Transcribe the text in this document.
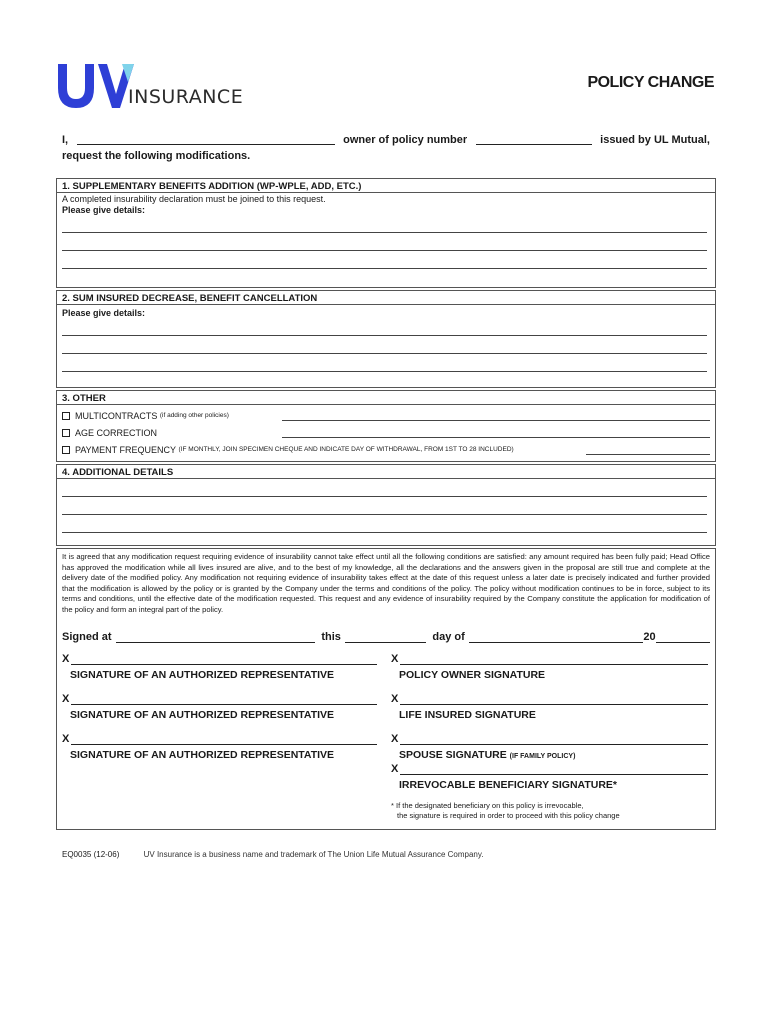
INSURANCE
POLICY CHANGE
I,	owner of policy number	issued by UL Mutual,
request the following modifications.
1. SUPPLEMENTARY BENEFITS ADDITION (WP-WPLE, ADD, ETC.)
A completed insurability declaration must be joined to this request.
Please give details:
2. SUM INSURED DECREASE, BENEFIT CANCELLATION
Please give details:
3. OTHER
MULTICONTRACTS
(if adding other policies)
AGE CORRECTION
PAYMENT FREQUENCY
(IF MONTHLY, JOIN SPECIMEN CHEQUE AND INDICATE DAY OF WITHDRAWAL, FROM 1ST TO 28 INCLUDED)
4. ADDITIONAL DETAILS
It is agreed that any modification request requiring evidence of insurability cannot take effect until all the following conditions are satisfied: any amount required has been fully paid; Head Office has approved the modification while all lives insured are alive, and to the best of my knowledge, all the declarations and the answers given in the proposal are still true and complete at the delivery date of the modified policy. Any modification not requiring evidence of insurability takes effect at the date of this request unless a later date is precisely indicated and further provided that the modification is allowed by the policy or is granted by the Company under the terms and conditions of the policy. The policy without modification continues to be in force, subject to its terms and conditions, until the effective date of the modification requested. This request and any evidence of insurability required by the Company constitute the application for modification of the policy and form an integral part of the policy.
Signed at	this	day of	20
X
SIGNATURE OF AN AUTHORIZED REPRESENTATIVE
X
SIGNATURE OF AN AUTHORIZED REPRESENTATIVE
X
SIGNATURE OF AN AUTHORIZED REPRESENTATIVE
X
POLICY OWNER SIGNATURE
X
LIFE INSURED SIGNATURE
X
SPOUSE SIGNATURE (IF FAMILY POLICY)
X
IRREVOCABLE BENEFICIARY SIGNATURE*
* If the designated beneficiary on this policy is irrevocable,
the signature is required in order to proceed with this policy change
EQ0035 (12-06)	UV Insurance is a business name and trademark of The Union Life Mutual Assurance Company.
